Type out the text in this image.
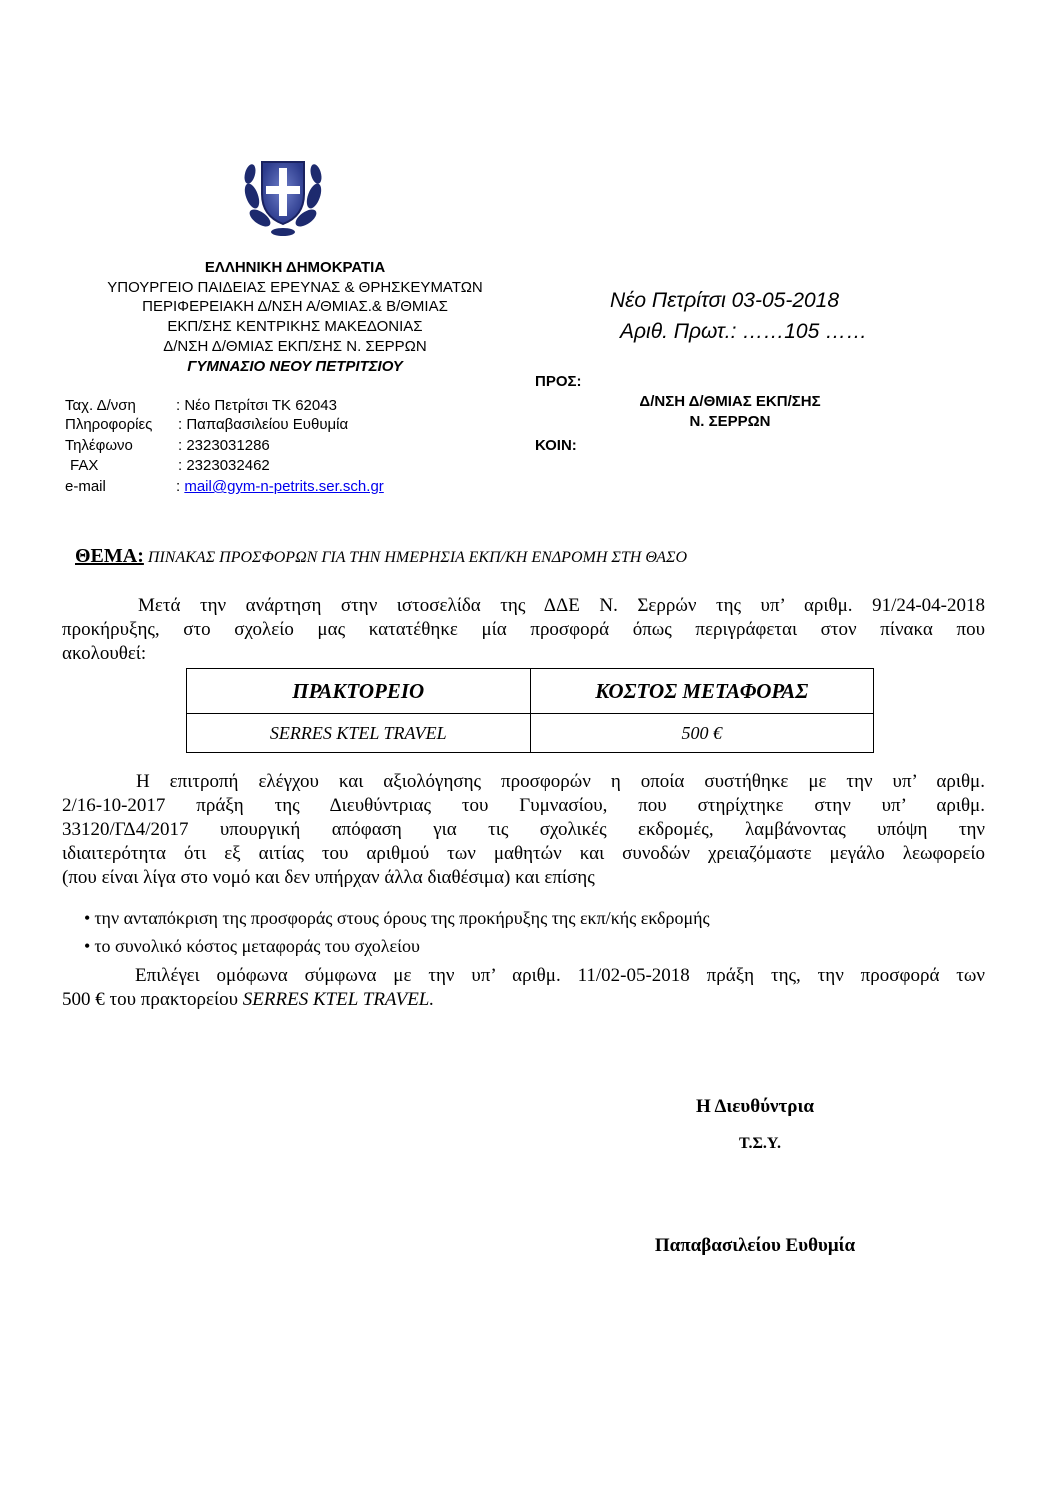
ΕΛΛΗΝΙΚΗ ΔΗΜΟΚΡΑΤΙΑ
ΥΠΟΥΡΓΕΙΟ ΠΑΙΔΕΙΑΣ ΕΡΕΥΝΑΣ & ΘΡΗΣΚΕΥΜΑΤΩΝ
ΠΕΡΙΦΕΡΕΙΑΚΗ Δ/ΝΣΗ Α/ΘΜΙΑΣ.& Β/ΘΜΙΑΣ
ΕΚΠ/ΣΗΣ ΚΕΝΤΡΙΚΗΣ ΜΑΚΕΔΟΝΙΑΣ
Δ/ΝΣΗ Δ/ΘΜΙΑΣ ΕΚΠ/ΣΗΣ Ν. ΣΕΡΡΩΝ
ΓΥΜΝΑΣΙΟ ΝΕΟΥ ΠΕΤΡΙΤΣΙΟΥ
Νέο Πετρίτσι 03-05-2018
Αριθ. Πρωτ.: ……105 ……
ΠΡΟΣ:
Δ/ΝΣΗ Δ/ΘΜΙΑΣ ΕΚΠ/ΣΗΣ
Ν. ΣΕΡΡΩΝ
ΚΟΙΝ:
Ταχ. Δ/νση	: Νέο Πετρίτσι ΤΚ 62043
Πληροφορίες : Παπαβασιλείου Ευθυμία
Τηλέφωνο	: 2323031286
FAX	: 2323032462
e-mail	: mail@gym-n-petrits.ser.sch.gr
ΘΕΜΑ: ΠΙΝΑΚΑΣ ΠΡΟΣΦΟΡΩΝ ΓΙΑ ΤΗΝ ΗΜΕΡΗΣΙΑ ΕΚΠ/ΚΗ ΕΝΔΡΟΜΗ ΣΤΗ ΘΑΣΟ
Μετά την ανάρτηση στην ιστοσελίδα της ΔΔΕ Ν. Σερρών της υπ’ αριθμ. 91/24-04-2018
προκήρυξης, στο σχολείο μας κατατέθηκε μία προσφορά όπως περιγράφεται στον πίνακα που
ακολουθεί:
ΠΡΑΚΤΟΡΕΙΟ	ΚΟΣΤΟΣ ΜΕΤΑΦΟΡΑΣ
SERRES KTEL TRAVEL	500 €
Η επιτροπή ελέγχου και αξιολόγησης προσφορών η οποία συστήθηκε με την υπ’ αριθμ.
2/16-10-2017 πράξη της Διευθύντριας του Γυμνασίου, που στηρίχτηκε στην υπ’ αριθμ.
33120/ΓΔ4/2017 υπουργική απόφαση για τις σχολικές εκδρομές, λαμβάνοντας υπόψη την
ιδιαιτερότητα ότι εξ αιτίας του αριθμού των μαθητών και συνοδών χρειαζόμαστε μεγάλο λεωφορείο
(που είναι λίγα στο νομό και δεν υπήρχαν άλλα διαθέσιμα) και επίσης
• την ανταπόκριση της προσφοράς στους όρους της προκήρυξης της εκπ/κής εκδρομής
• το συνολικό κόστος μεταφοράς του σχολείου
Επιλέγει ομόφωνα σύμφωνα με την υπ’ αριθμ. 11/02-05-2018 πράξη της, την προσφορά των
500 € του πρακτορείου SERRES KTEL TRAVEL.
Η Διευθύντρια
Τ.Σ.Υ.
Παπαβασιλείου Ευθυμία
